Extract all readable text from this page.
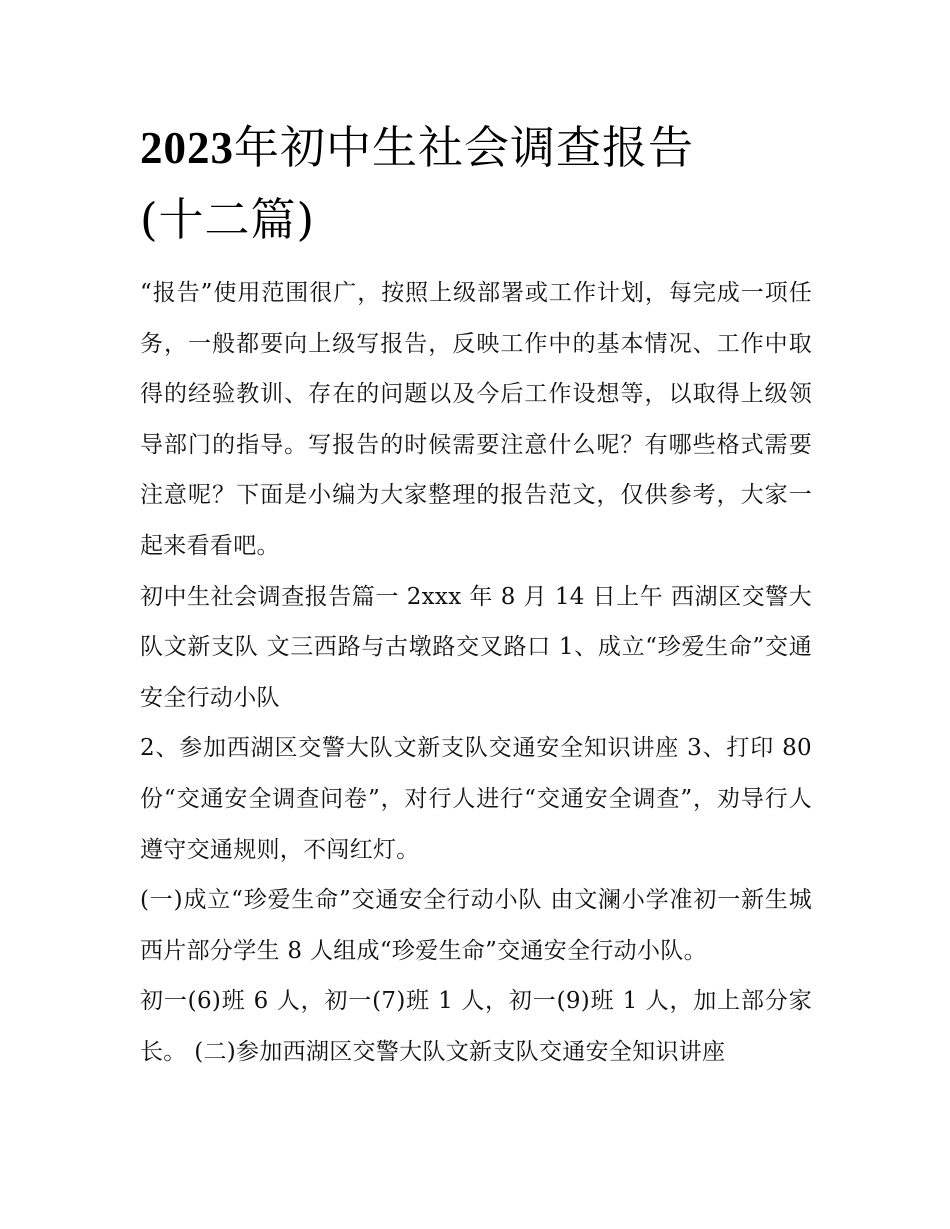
2023年初中生社会调查报告
(十二篇)

“报告”使用范围很广，按照上级部署或工作计划，每完成一项任务，一般都要向上级写报告，反映工作中的基本情况、工作中取得的经验教训、存在的问题以及今后工作设想等，以取得上级领导部门的指导。写报告的时候需要注意什么呢？有哪些格式需要注意呢？下面是小编为大家整理的报告范文，仅供参考，大家一起来看看吧。

初中生社会调查报告篇一 2xxx 年 8 月 14 日上午 西湖区交警大队文新支队 文三西路与古墩路交叉路口 1、成立“珍爱生命”交通安全行动小队

2、参加西湖区交警大队文新支队交通安全知识讲座 3、打印 80 份“交通安全调查问卷”，对行人进行“交通安全调查”，劝导行人遵守交通规则，不闯红灯。

(一)成立“珍爱生命”交通安全行动小队 由文澜小学准初一新生城西片部分学生 8 人组成“珍爱生命”交通安全行动小队。

初一(6)班 6 人，初一(7)班 1 人，初一(9)班 1 人，加上部分家长。 (二)参加西湖区交警大队文新支队交通安全知识讲座
